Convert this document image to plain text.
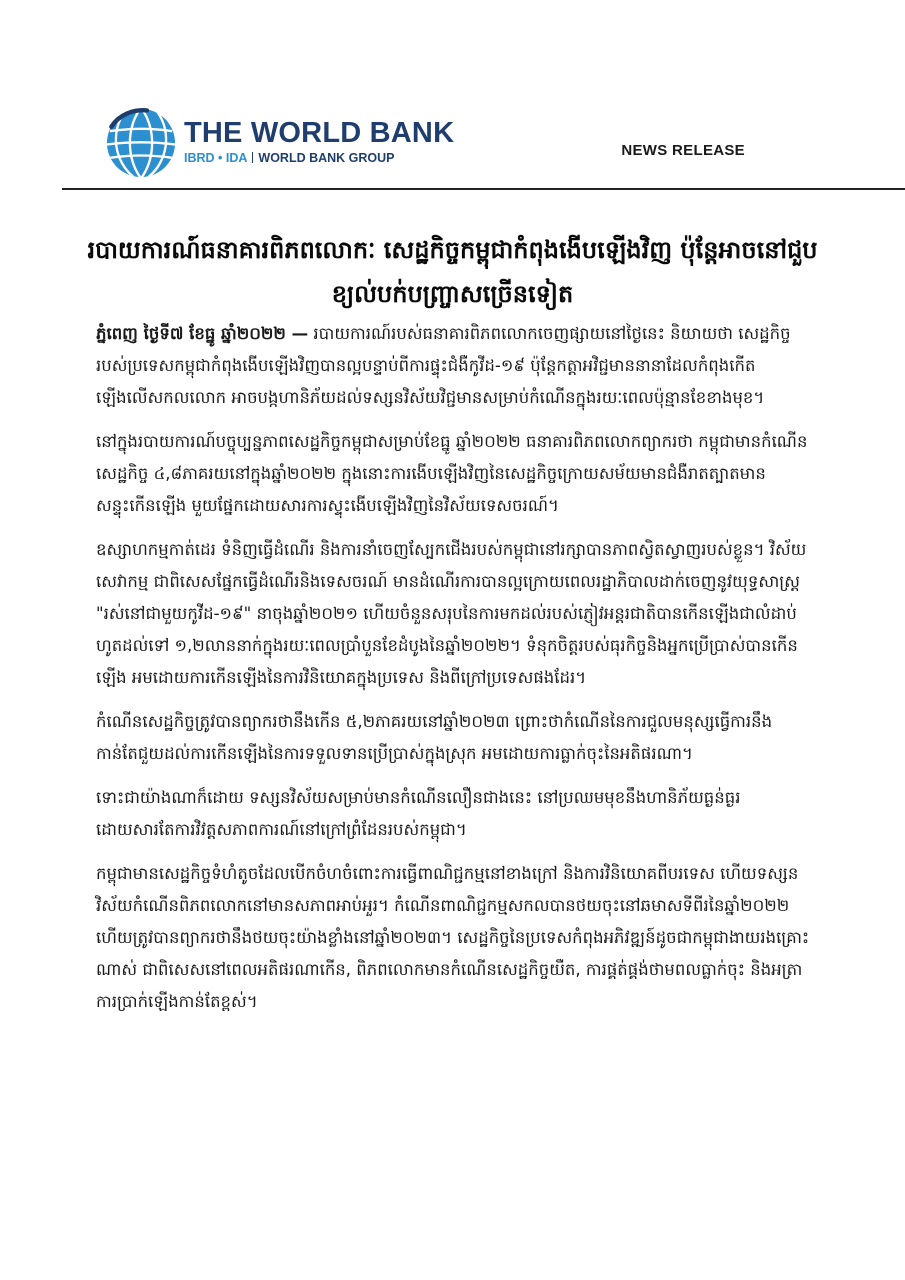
THE WORLD BANK
IBRD • IDA WORLD BANK GROUP	NEWS RELEASE
របាយការណ៍ធនាគារពិភពលោកៈ សេដ្ឋកិច្ចកម្ពុជាកំពុងងើបឡើងវិញ ប៉ុន្តែអាចនៅជួបខ្យល់បក់បញ្ច្រាសច្រើនទៀត

ភ្នំពេញ ថ្ងៃទី៧ ខែធ្នូ ឆ្នាំ២០២២ — របាយការណ៍របស់ធនាគារពិភពលោកចេញផ្សាយនៅថ្ងៃនេះ និយាយថា សេដ្ឋកិច្ចរបស់ប្រទេសកម្ពុជាកំពុងងើបឡើងវិញបានល្អបន្ទាប់ពីការផ្ទុះជំងឺកូវីដ-១៩ ប៉ុន្តែកត្តាអវិជ្ជមាននានាដែលកំពុងកើតឡើងលើសកលលោក អាចបង្កហានិភ័យដល់ទស្សនវិស័យវិជ្ជមានសម្រាប់កំណើនក្នុងរយៈពេលប៉ុន្មានខែខាងមុខ។

នៅក្នុងរបាយការណ៍បច្ចុប្បន្នភាពសេដ្ឋកិច្ចកម្ពុជាសម្រាប់ខែធ្នូ ឆ្នាំ២០២២ ធនាគារពិភពលោកព្យាករថា កម្ពុជាមានកំណើនសេដ្ឋកិច្ច ៤,៨ភាគរយនៅក្នុងឆ្នាំ២០២២ ក្នុងនោះការងើបឡើងវិញនៃសេដ្ឋកិច្ចក្រោយសម័យមានជំងឺរាតត្បាតមានសន្ទុះកើនឡើង មួយផ្នែកដោយសារការស្ទុះងើបឡើងវិញនៃវិស័យទេសចរណ៍។

ឧស្សាហកម្មកាត់ដេរ ទំនិញធ្វើដំណើរ និងការនាំចេញស្បែកជើងរបស់កម្ពុជានៅរក្សាបានភាពស្វិតស្វាញរបស់ខ្លួន។ វិស័យសេវាកម្ម ជាពិសេសផ្នែកធ្វើដំណើរនិងទេសចរណ៍ មានដំណើរការបានល្អក្រោយពេលរដ្ឋាភិបាលដាក់ចេញនូវយុទ្ធសាស្ត្រ "រស់នៅជាមួយកូវីដ-១៩" នាចុងឆ្នាំ២០២១ ហើយចំនួនសរុបនៃការមកដល់របស់ភ្ញៀវអន្តរជាតិបានកើនឡើងជាលំដាប់ ហូតដល់ទៅ ១,២លាននាក់ក្នុងរយៈពេលប្រាំបួនខែដំបូងនៃឆ្នាំ២០២២។ ទំនុកចិត្តរបស់ធុរកិច្ចនិងអ្នកប្រើប្រាស់បានកើនឡើង អមដោយការកើនឡើងនៃការវិនិយោគក្នុងប្រទេស និងពីក្រៅប្រទេសផងដែរ។

កំណើនសេដ្ឋកិច្ចត្រូវបានព្យាករថានឹងកើន ៥,២ភាគរយនៅឆ្នាំ២០២៣ ព្រោះថាកំណើននៃការជួលមនុស្សធ្វើការនឹងកាន់តែជួយដល់ការកើនឡើងនៃការទទួលទានប្រើប្រាស់ក្នុងស្រុក អមដោយការធ្លាក់ចុះនៃអតិផរណា។

ទោះជាយ៉ាងណាក៏ដោយ ទស្សនវិស័យសម្រាប់មានកំណើនលឿនជាងនេះ នៅប្រឈមមុខនឹងហានិភ័យធ្ងន់ធ្ងរ ដោយសារតែការវិវត្តសភាពការណ៍នៅក្រៅព្រំដែនរបស់កម្ពុជា។

កម្ពុជាមានសេដ្ឋកិច្ចទំហំតូចដែលបើកចំហចំពោះការធ្វើពាណិជ្ជកម្មនៅខាងក្រៅ និងការវិនិយោគពីបរទេស ហើយទស្សនវិស័យកំណើនពិភពលោកនៅមានសភាពអាប់អួរ។ កំណើនពាណិជ្ជកម្មសកលបានថយចុះនៅឆមាសទីពីរនៃឆ្នាំ២០២២ ហើយត្រូវបានព្យាករថានឹងថយចុះយ៉ាងខ្លាំងនៅឆ្នាំ២០២៣។ សេដ្ឋកិច្ចនៃប្រទេសកំពុងអភិវឌ្ឍន៍ដូចជាកម្ពុជាងាយរងគ្រោះណាស់ ជាពិសេសនៅពេលអតិផរណាកើន, ពិភពលោកមានកំណើនសេដ្ឋកិច្ចយឺត, ការផ្គត់ផ្គង់ថាមពលធ្លាក់ចុះ និងអត្រាការប្រាក់ឡើងកាន់តែខ្ពស់។
